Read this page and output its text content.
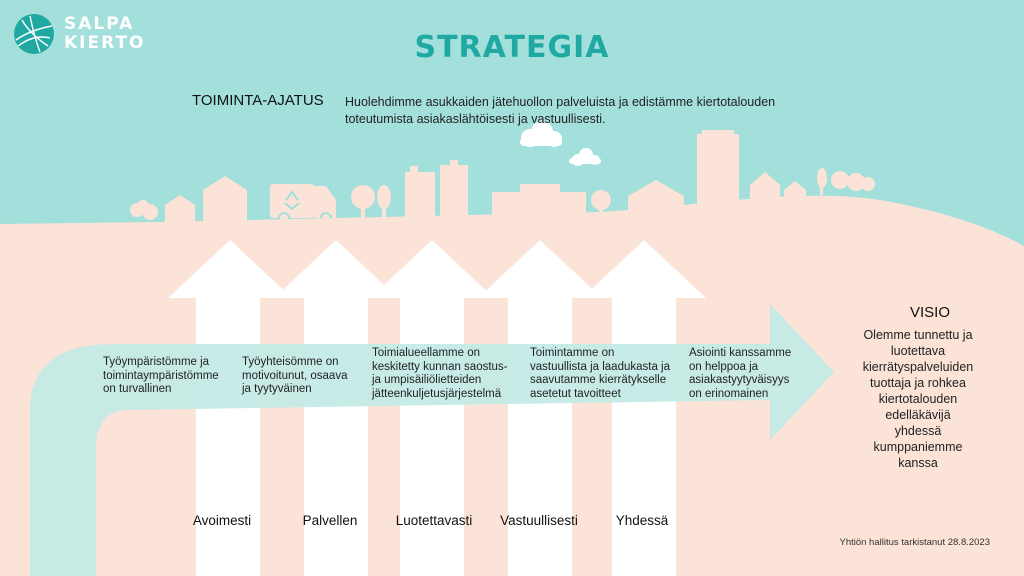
SALPA
KIERTO	STRATEGIA
TOIMINTA-AJATUS Huolehdimme asukkaiden jätehuollon palveluista ja edistämme kiertotalouden toteutumista asiakaslähtöisesti ja vastuullisesti.
Työympäristömme ja
toimintaympäristömme
on turvallinen
Työyhteisömme on
motivoitunut, osaava
ja tyytyväinen
Toimialueellamme on
keskitetty kunnan saostus-
ja umpisäiliölietteiden
jätteenkuljetusjärjestelmä
Toimintamme on
vastuullista ja laadukasta ja
saavutamme kierrätykselle
asetetut tavoitteet
Asiointi kanssamme
on helppoa ja
asiakastyytyväisyys
on erinomainen
Avoimesti	Palvellen	Luotettavasti	Vastuullisesti	Yhdessä
VISIO
Olemme tunnettu ja
luotettava
kierrätyspalveluiden
tuottaja ja rohkea
kiertotalouden
edelläkävijä
yhdessä
kumppaniemme
kanssa
Yhtiön hallitus tarkistanut 28.8.2023
